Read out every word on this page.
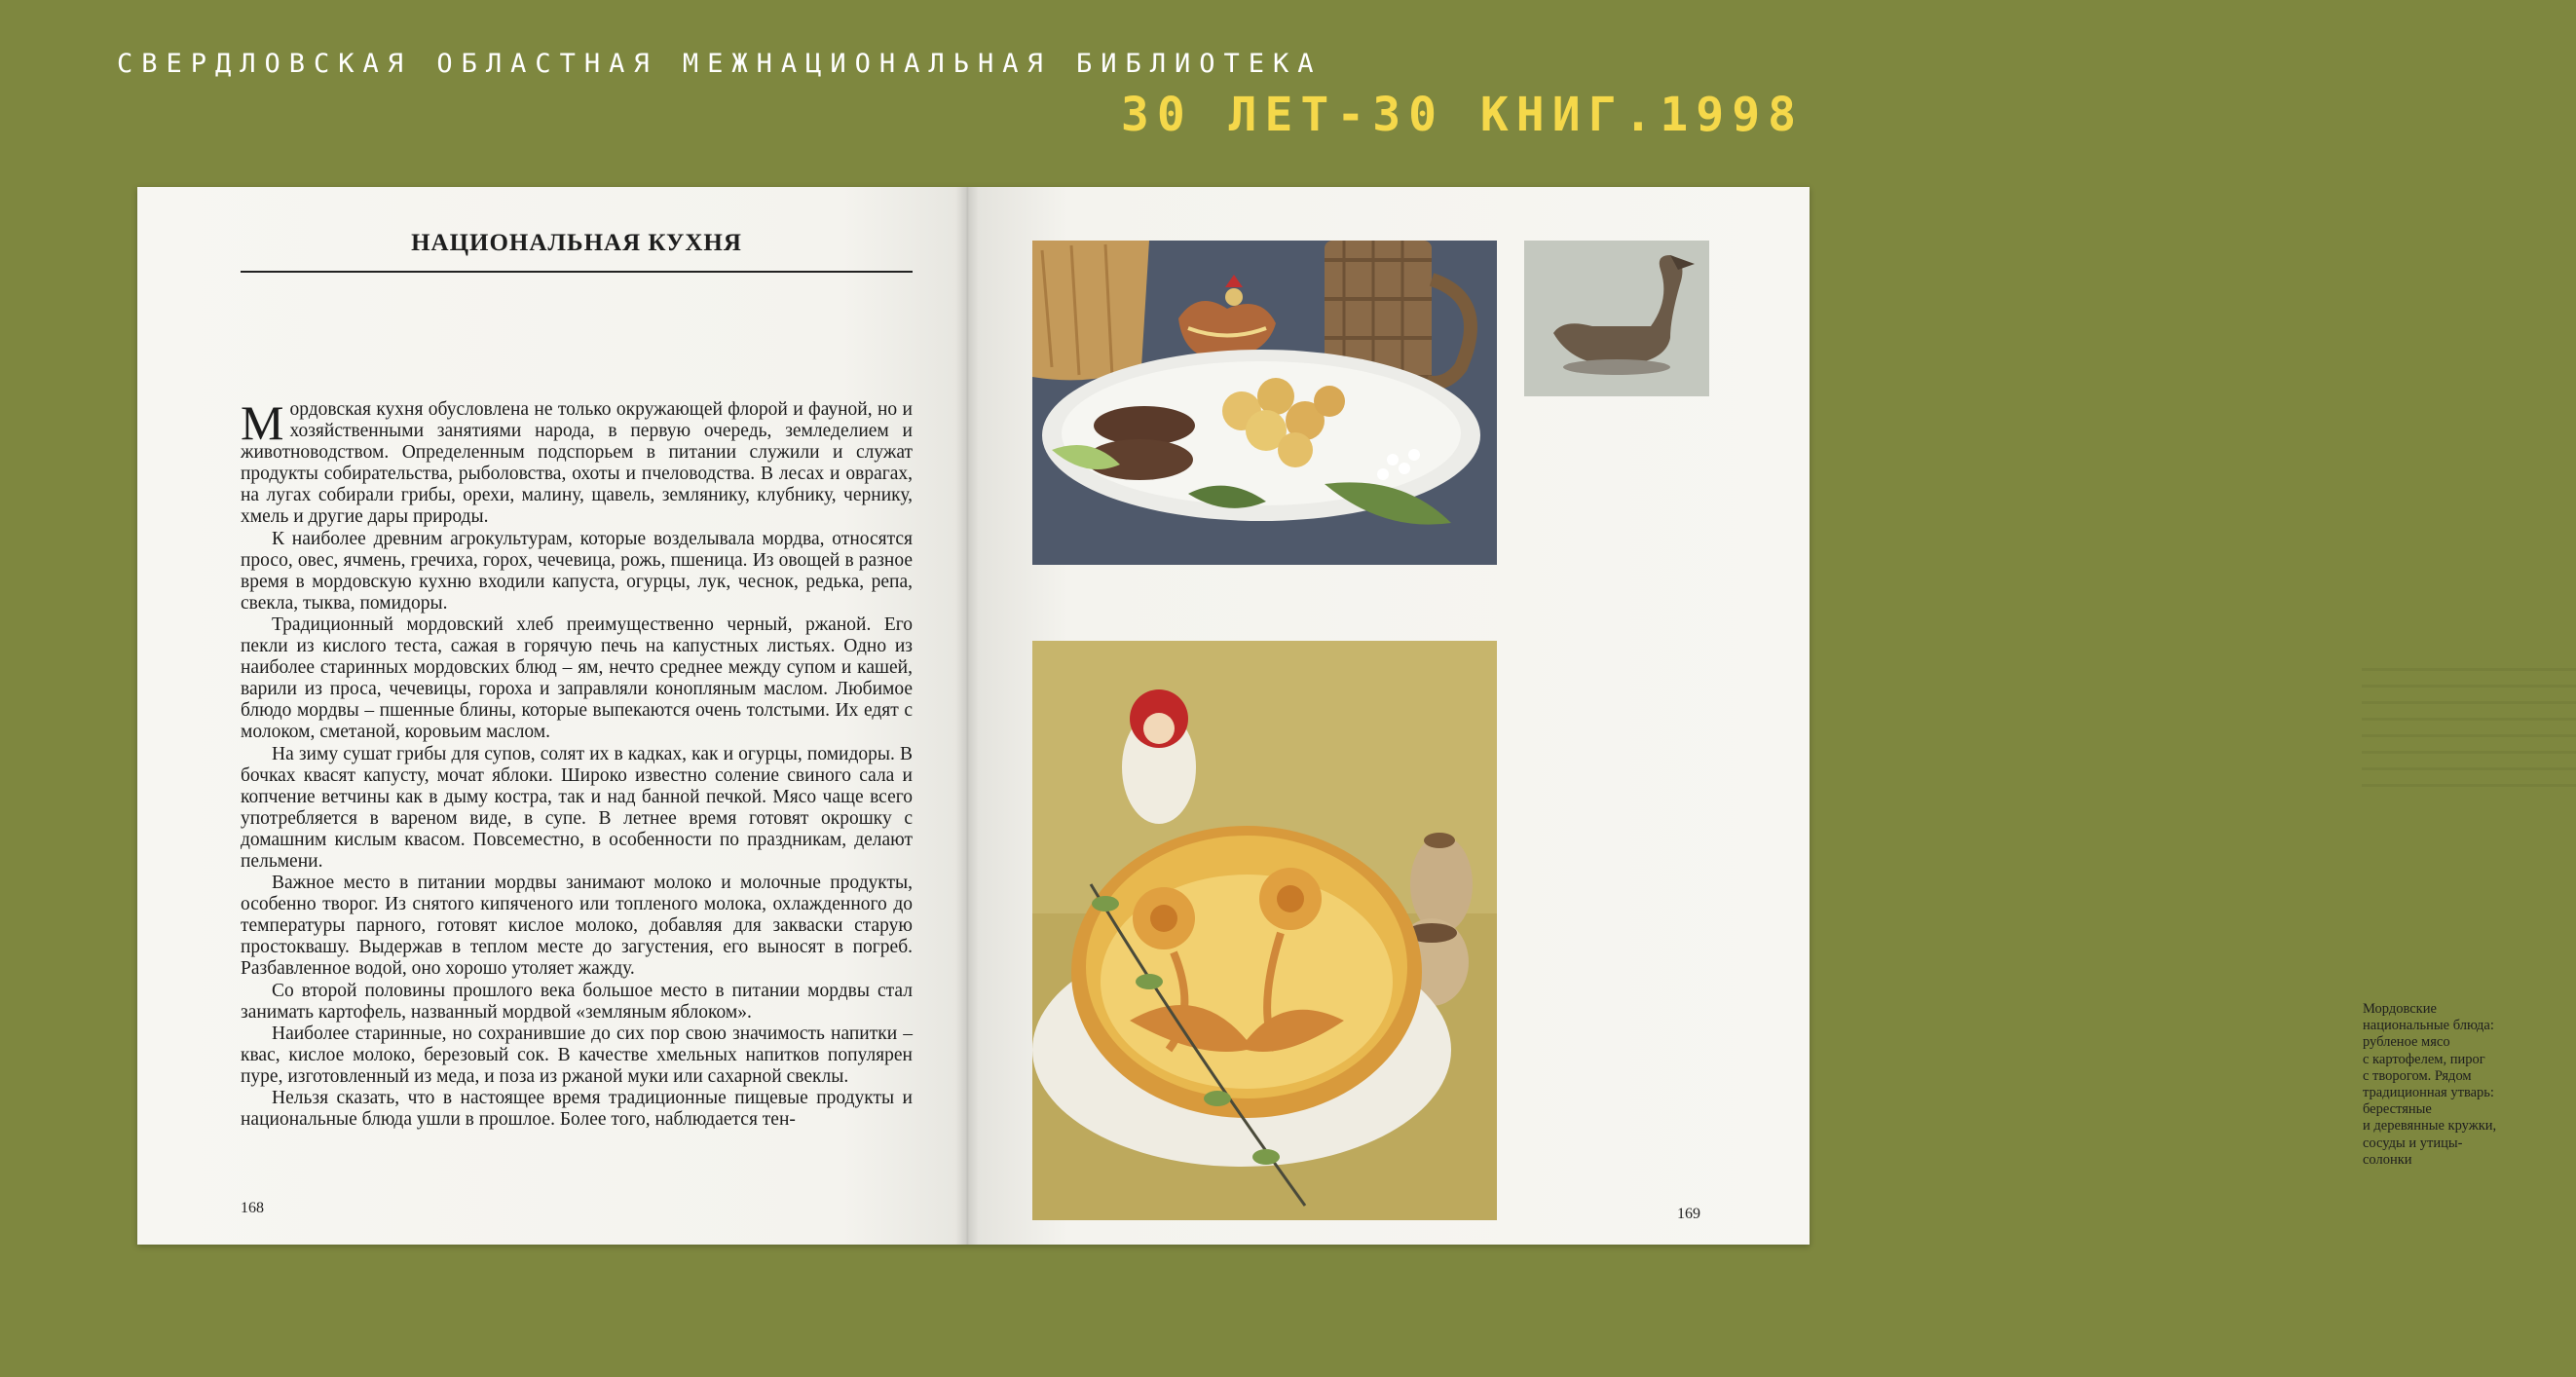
СВЕРДЛОВСКАЯ ОБЛАСТНАЯ МЕЖНАЦИОНАЛЬНАЯ БИБЛИОТЕКА
30 ЛЕТ-30 КНИГ.1998
НАЦИОНАЛЬНАЯ КУХНЯ

Мордовская кухня обусловлена не только окружающей флорой и фауной, но и хозяйственными занятиями народа, в первую очередь, земледелием и животноводством. Определенным подспорьем в питании служили и служат продукты собирательства, рыболовства, охоты и пчеловодства. В лесах и оврагах, на лугах собирали грибы, орехи, малину, щавель, землянику, клубнику, чернику, хмель и другие дары природы.

К наиболее древним агрокультурам, которые возделывала мордва, относятся просо, овес, ячмень, гречиха, горох, чечевица, рожь, пшеница. Из овощей в разное время в мордовскую кухню входили капуста, огурцы, лук, чеснок, редька, репа, свекла, тыква, помидоры.

Традиционный мордовский хлеб преимущественно черный, ржаной. Его пекли из кислого теста, сажая в горячую печь на капустных листьях. Одно из наиболее старинных мордовских блюд – ям, нечто среднее между супом и кашей, варили из проса, чечевицы, гороха и заправляли конопляным маслом. Любимое блюдо мордвы – пшенные блины, которые выпекаются очень толстыми. Их едят с молоком, сметаной, коровьим маслом.

На зиму сушат грибы для супов, солят их в кадках, как и огурцы, помидоры. В бочках квасят капусту, мочат яблоки. Широко известно соление свиного сала и копчение ветчины как в дыму костра, так и над банной печкой. Мясо чаще всего употребляется в вареном виде, в супе. В летнее время готовят окрошку с домашним кислым квасом. Повсеместно, в особенности по праздникам, делают пельмени.

Важное место в питании мордвы занимают молоко и молочные продукты, особенно творог. Из снятого кипяченого или топленого молока, охлажденного до температуры парного, готовят кислое молоко, добавляя для закваски старую простоквашу. Выдержав в теплом месте до загустения, его выносят в погреб. Разбавленное водой, оно хорошо утоляет жажду.

Со второй половины прошлого века большое место в питании мордвы стал занимать картофель, названный мордвой «земляным яблоком».

Наиболее старинные, но сохранившие до сих пор свою значимость напитки – квас, кислое молоко, березовый сок. В качестве хмельных напитков популярен пуре, изготовленный из меда, и поза из ржаной муки или сахарной свеклы.

Нельзя сказать, что в настоящее время традиционные пищевые продукты и национальные блюда ушли в прошлое. Более того, наблюдается тен-

168
Мордовские
национальные блюда:
рубленое мясо
с картофелем, пирог
с творогом. Рядом
традиционная утварь:
берестяные
и деревянные кружки,
сосуды и утицы-
солонки
169
